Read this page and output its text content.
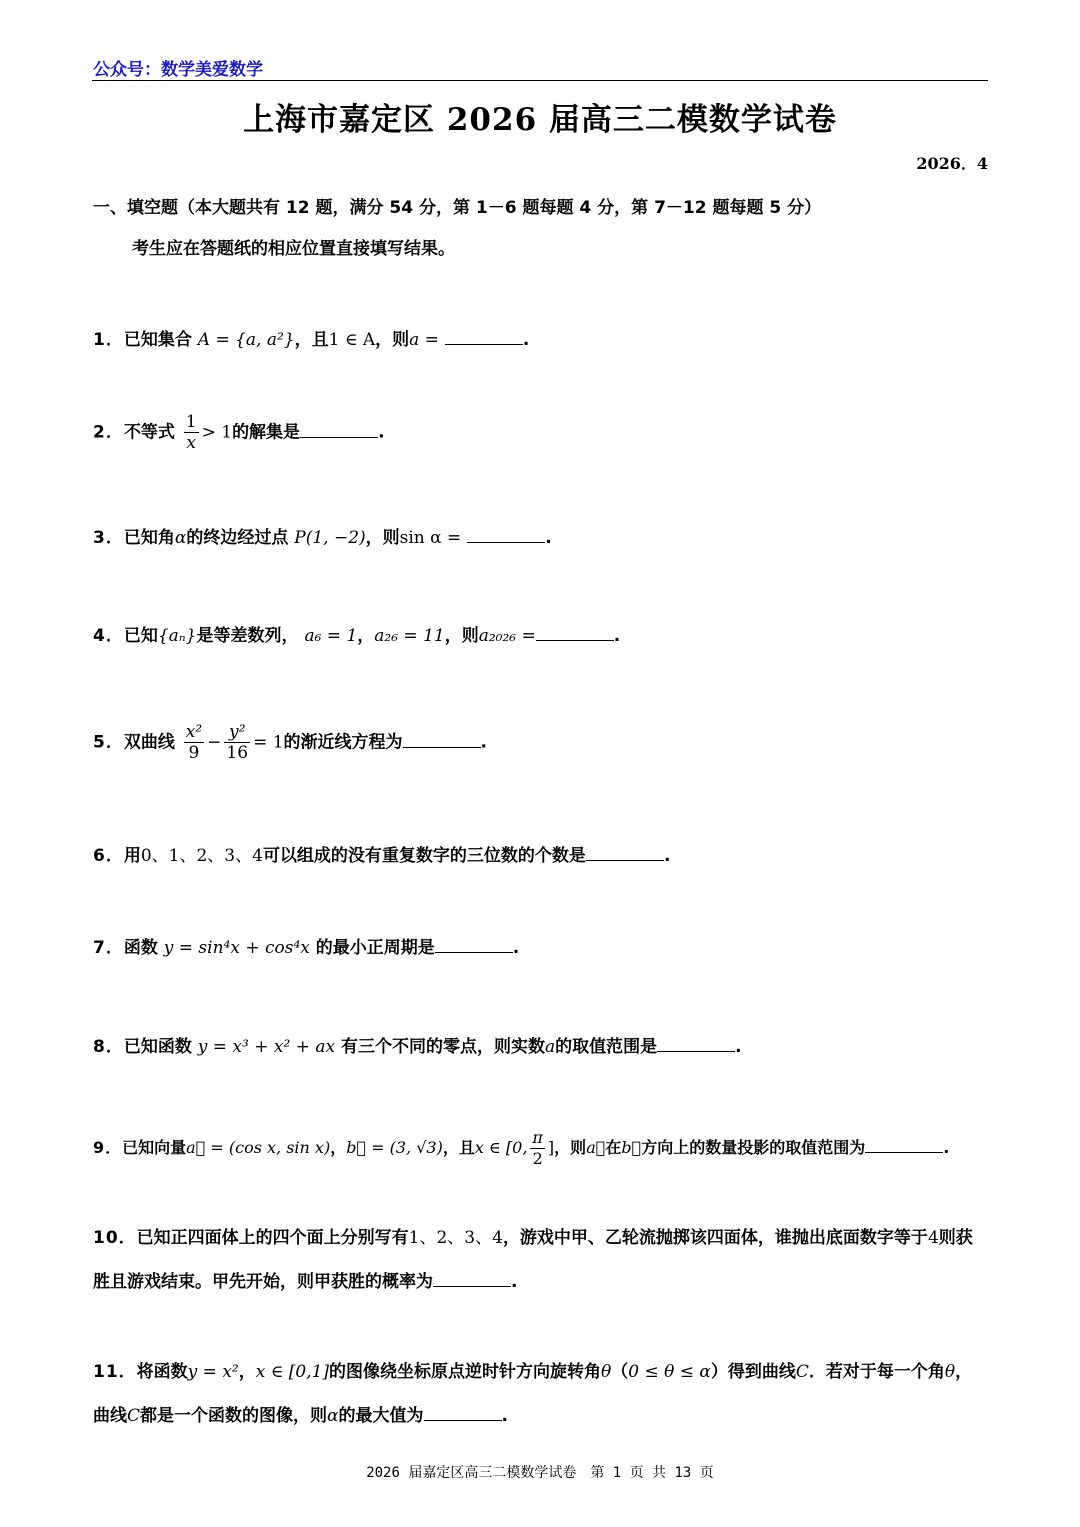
公众号：数学美爱数学
上海市嘉定区 2026 届高三二模数学试卷
2026．4
一、填空题（本大题共有 12 题，满分 54 分，第 1－6 题每题 4 分，第 7－12 题每题 5 分）
考生应在答题纸的相应位置直接填写结果。
1．已知集合 A = {a, a²}，且1 ∈ A，则a =	.
2．不等式 $\frac{1}{x} > 1$的解集是	.
3．已知角α的终边经过点 P(1, −2)，则sin α =	.
4．已知{aₙ}是等差数列， a₆ = 1，a₂₆ = 11，则a₂₀₂₆ =	.
5．双曲线 $\frac{\text{x²}}{9} - \frac{\text{y²}}{16} = 1$的渐近线方程为	.
6．用0、1、2、3、4可以组成的没有重复数字的三位数的个数是	.
7．函数 y = sin⁴x + cos⁴x 的最小正周期是	.
8．已知函数 y = x³ + x² + ax 有三个不同的零点，则实数a的取值范围是	.
9．已知向量a⃗ = (cos x, sin x)，b⃗ = (3, √3)，且x ∈ [0, $\frac{\pi}{2}$ ]，则a⃗在b⃗方向上的数量投影的取值范围为	.
10．已知正四面体上的四个面上分别写有1、2、3、4，游戏中甲、乙轮流抛掷该四面体，谁抛出底面数字等于4则获胜且游戏结束。甲先开始，则甲获胜的概率为	.
11．将函数y = x²，x ∈ [0,1]的图像绕坐标原点逆时针方向旋转角θ（0 ≤ θ ≤ α）得到曲线C．若对于每一个角θ，曲线C都是一个函数的图像，则α的最大值为	.
2026 届嘉定区高三二模数学试卷　第 1 页 共 13 页
